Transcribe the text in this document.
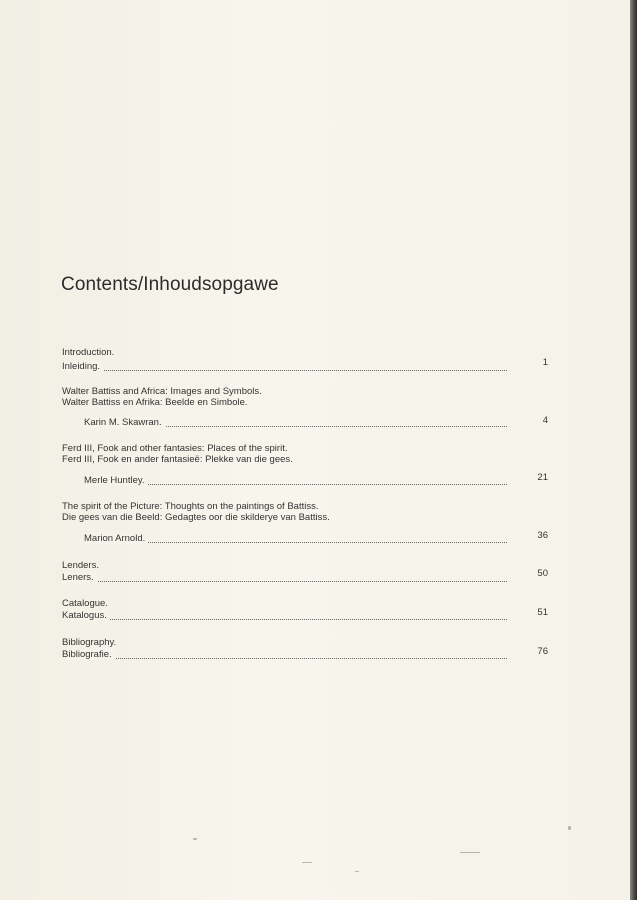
Contents/Inhoudsopgawe
Introduction.
Inleiding.	1
Walter Battiss and Africa: Images and Symbols.
Walter Battiss en Afrika: Beelde en Simbole.
Karin M. Skawran.	4
Ferd III, Fook and other fantasies: Places of the spirit.
Ferd III, Fook en ander fantasieë: Plekke van die gees.
Merle Huntley.	21
The spirit of the Picture: Thoughts on the paintings of Battiss.
Die gees van die Beeld: Gedagtes oor die skilderye van Battiss.
Marion Arnold.	36
Lenders.
Leners.	50
Catalogue.
Katalogus.	51
Bibliography.
Bibliografie.	76
